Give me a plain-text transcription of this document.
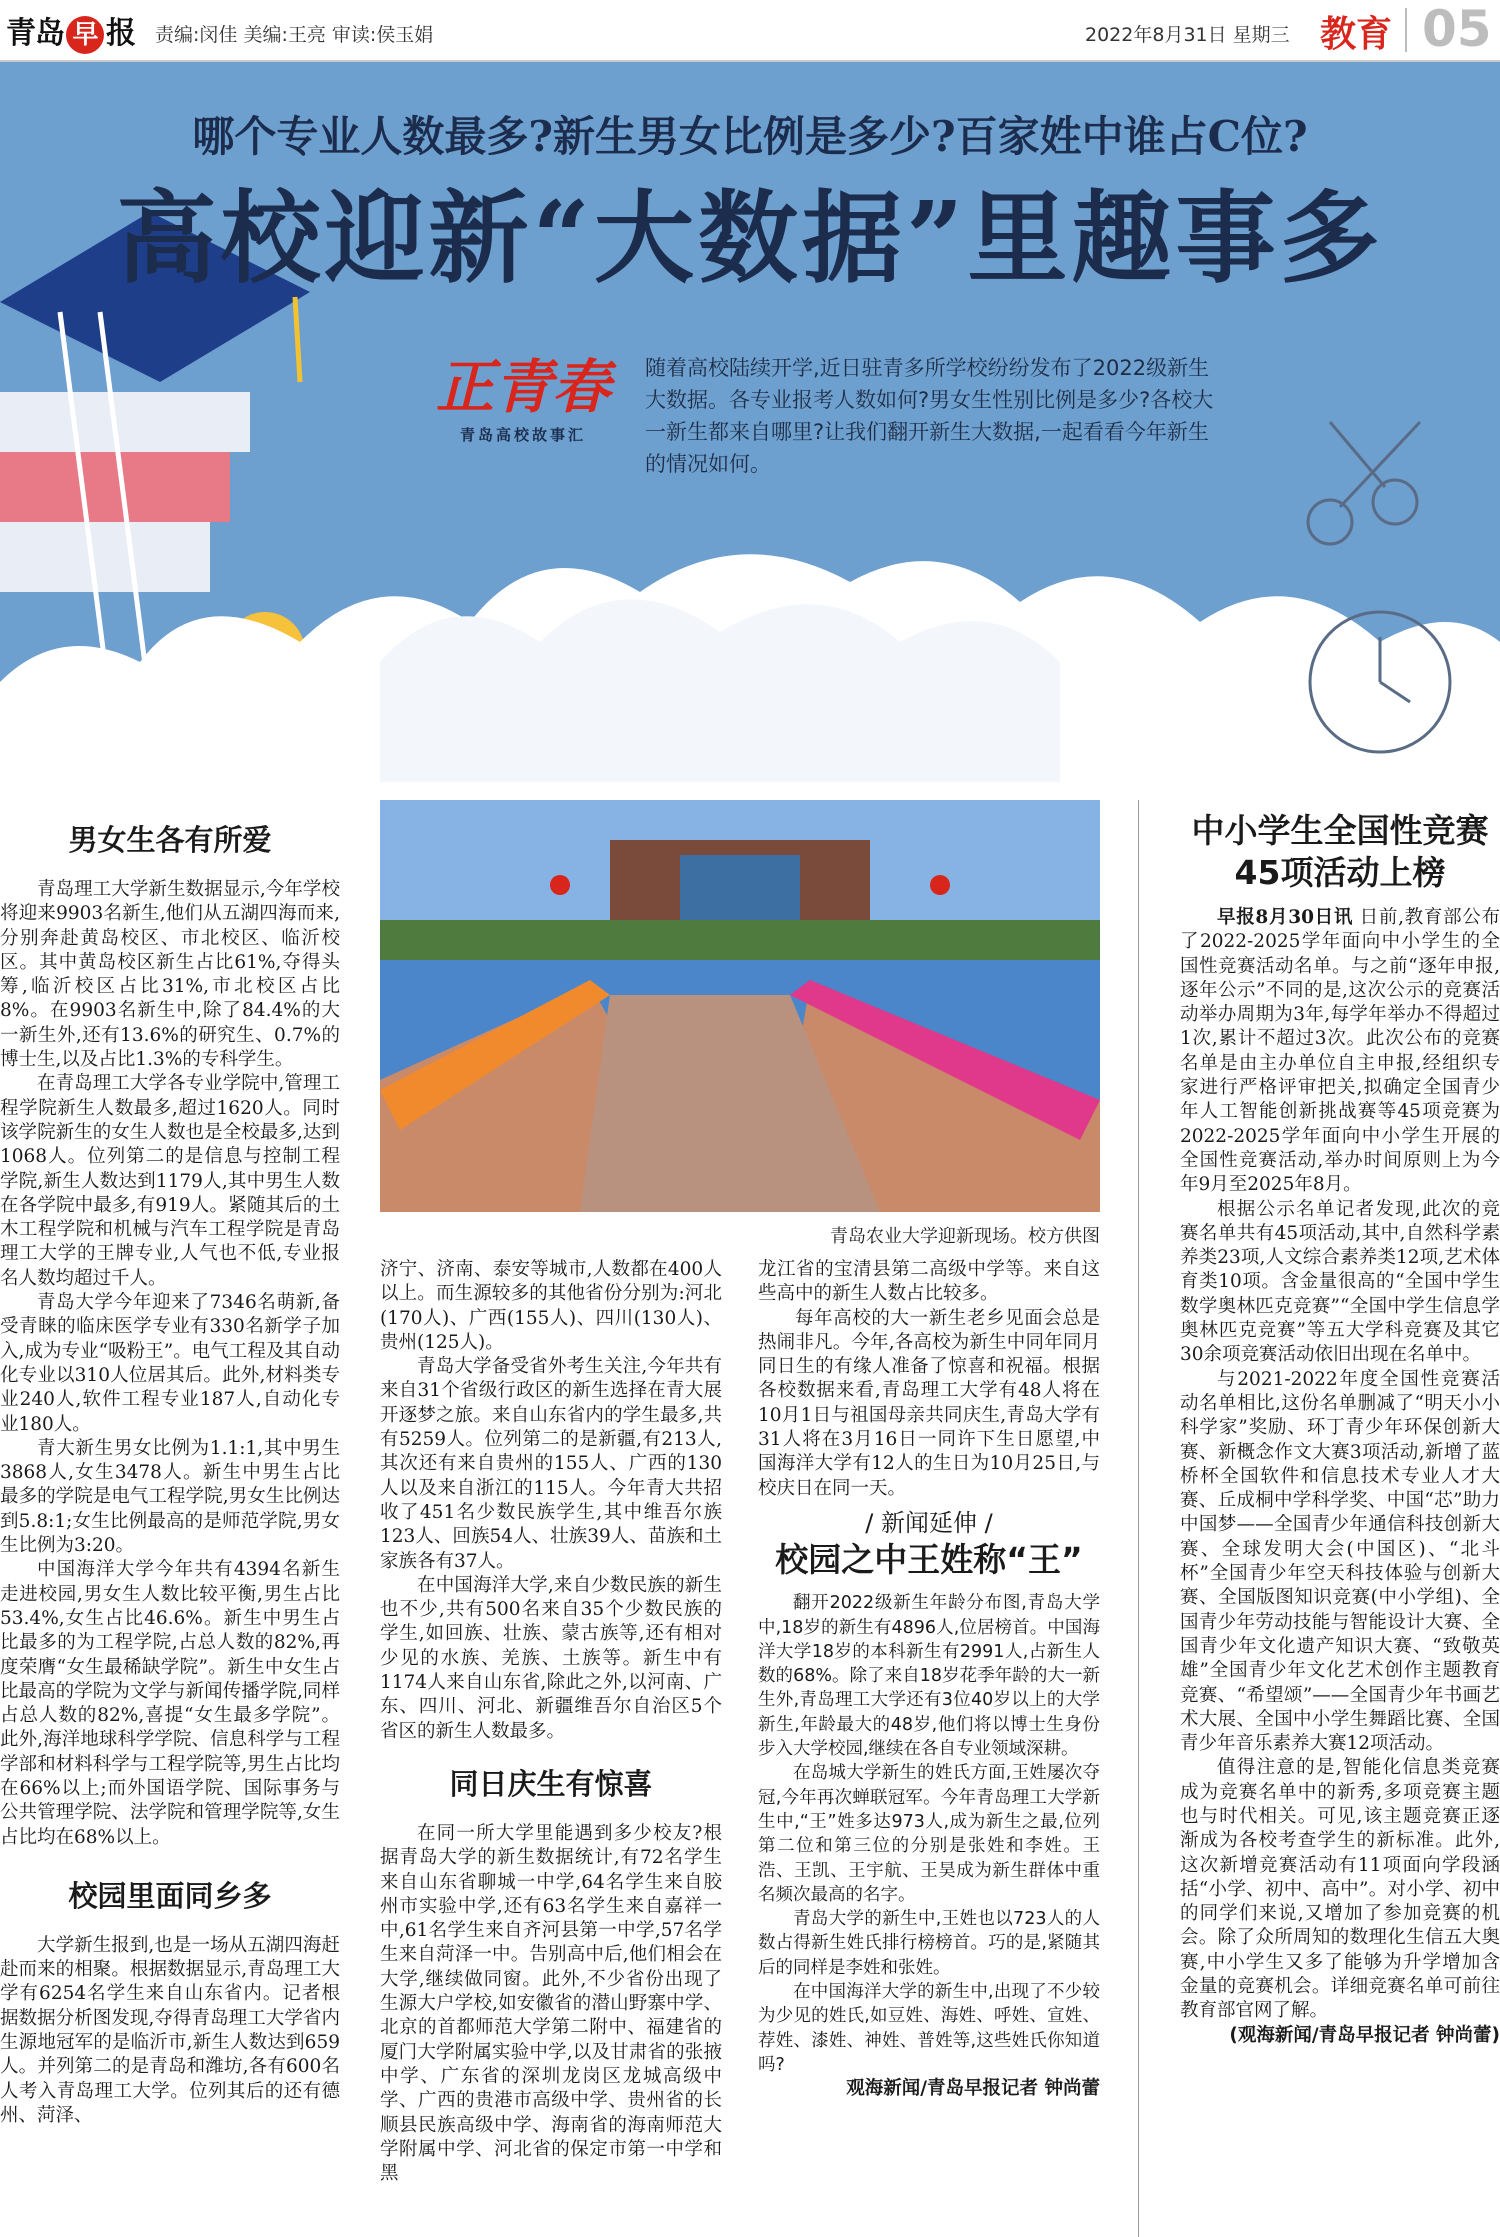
青岛 早 报 责编:闵佳 美编:王亮 审读:侯玉娟	2022年8月31日 星期三 教育 05
哪个专业人数最多?新生男女比例是多少?百家姓中谁占C位?
高校迎新“大数据”里趣事多
正青春
青岛高校故事汇
随着高校陆续开学,近日驻青多所学校纷纷发布了2022级新生大数据。各专业报考人数如何?男女生性别比例是多少?各校大一新生都来自哪里?让我们翻开新生大数据,一起看看今年新生的情况如何。
青岛农业大学迎新现场。校方供图
男女生各有所爱

青岛理工大学新生数据显示,今年学校将迎来9903名新生,他们从五湖四海而来,分别奔赴黄岛校区、市北校区、临沂校区。其中黄岛校区新生占比61%,夺得头筹,临沂校区占比31%,市北校区占比8%。在9903名新生中,除了84.4%的大一新生外,还有13.6%的研究生、0.7%的博士生,以及占比1.3%的专科学生。

在青岛理工大学各专业学院中,管理工程学院新生人数最多,超过1620人。同时该学院新生的女生人数也是全校最多,达到1068人。位列第二的是信息与控制工程学院,新生人数达到1179人,其中男生人数在各学院中最多,有919人。紧随其后的土木工程学院和机械与汽车工程学院是青岛理工大学的王牌专业,人气也不低,专业报名人数均超过千人。

青岛大学今年迎来了7346名萌新,备受青睐的临床医学专业有330名新学子加入,成为专业“吸粉王”。电气工程及其自动化专业以310人位居其后。此外,材料类专业240人,软件工程专业187人,自动化专业180人。

青大新生男女比例为1.1:1,其中男生3868人,女生3478人。新生中男生占比最多的学院是电气工程学院,男女生比例达到5.8:1;女生比例最高的是师范学院,男女生比例为3:20。

中国海洋大学今年共有4394名新生走进校园,男女生人数比较平衡,男生占比53.4%,女生占比46.6%。新生中男生占比最多的为工程学院,占总人数的82%,再度荣膺“女生最稀缺学院”。新生中女生占比最高的学院为文学与新闻传播学院,同样占总人数的82%,喜提“女生最多学院”。此外,海洋地球科学学院、信息科学与工程学部和材料科学与工程学院等,男生占比均在66%以上;而外国语学院、国际事务与公共管理学院、法学院和管理学院等,女生占比均在68%以上。

校园里面同乡多

大学新生报到,也是一场从五湖四海赶赴而来的相聚。根据数据显示,青岛理工大学有6254名学生来自山东省内。记者根据数据分析图发现,夺得青岛理工大学省内生源地冠军的是临沂市,新生人数达到659人。并列第二的是青岛和潍坊,各有600名人考入青岛理工大学。位列其后的还有德州、菏泽、

济宁、济南、泰安等城市,人数都在400人以上。而生源较多的其他省份分别为:河北(170人)、广西(155人)、四川(130人)、贵州(125人)。

青岛大学备受省外考生关注,今年共有来自31个省级行政区的新生选择在青大展开逐梦之旅。来自山东省内的学生最多,共有5259人。位列第二的是新疆,有213人,其次还有来自贵州的155人、广西的130人以及来自浙江的115人。今年青大共招收了451名少数民族学生,其中维吾尔族123人、回族54人、壮族39人、苗族和土家族各有37人。

在中国海洋大学,来自少数民族的新生也不少,共有500名来自35个少数民族的学生,如回族、壮族、蒙古族等,还有相对少见的水族、羌族、土族等。新生中有1174人来自山东省,除此之外,以河南、广东、四川、河北、新疆维吾尔自治区5个省区的新生人数最多。

同日庆生有惊喜

在同一所大学里能遇到多少校友?根据青岛大学的新生数据统计,有72名学生来自山东省聊城一中学,64名学生来自胶州市实验中学,还有63名学生来自嘉祥一中,61名学生来自齐河县第一中学,57名学生来自菏泽一中。告别高中后,他们相会在大学,继续做同窗。此外,不少省份出现了生源大户学校,如安徽省的潜山野寨中学、北京的首都师范大学第二附中、福建省的厦门大学附属实验中学,以及甘肃省的张掖中学、广东省的深圳龙岗区龙城高级中学、广西的贵港市高级中学、贵州省的长顺县民族高级中学、海南省的海南师范大学附属中学、河北省的保定市第一中学和黑

龙江省的宝清县第二高级中学等。来自这些高中的新生人数占比较多。

每年高校的大一新生老乡见面会总是热闹非凡。今年,各高校为新生中同年同月同日生的有缘人准备了惊喜和祝福。根据各校数据来看,青岛理工大学有48人将在10月1日与祖国母亲共同庆生,青岛大学有31人将在3月16日一同许下生日愿望,中国海洋大学有12人的生日为10月25日,与校庆日在同一天。

/ 新闻延伸 /
校园之中王姓称“王”

翻开2022级新生年龄分布图,青岛大学中,18岁的新生有4896人,位居榜首。中国海洋大学18岁的本科新生有2991人,占新生人数的68%。除了来自18岁花季年龄的大一新生外,青岛理工大学还有3位40岁以上的大学新生,年龄最大的48岁,他们将以博士生身份步入大学校园,继续在各自专业领域深耕。

在岛城大学新生的姓氏方面,王姓屡次夺冠,今年再次蝉联冠军。今年青岛理工大学新生中,“王”姓多达973人,成为新生之最,位列第二位和第三位的分别是张姓和李姓。王浩、王凯、王宇航、王昊成为新生群体中重名频次最高的名字。

青岛大学的新生中,王姓也以723人的人数占得新生姓氏排行榜榜首。巧的是,紧随其后的同样是李姓和张姓。

在中国海洋大学的新生中,出现了不少较为少见的姓氏,如豆姓、海姓、呼姓、宣姓、荐姓、漆姓、神姓、普姓等,这些姓氏你知道吗?

观海新闻/青岛早报记者 钟尚蕾
中小学生全国性竞赛45项活动上榜

早报8月30日讯 日前,教育部公布了2022-2025学年面向中小学生的全国性竞赛活动名单。与之前“逐年申报,逐年公示”不同的是,这次公示的竞赛活动举办周期为3年,每学年举办不得超过1次,累计不超过3次。此次公布的竞赛名单是由主办单位自主申报,经组织专家进行严格评审把关,拟确定全国青少年人工智能创新挑战赛等45项竞赛为2022-2025学年面向中小学生开展的全国性竞赛活动,举办时间原则上为今年9月至2025年8月。

根据公示名单记者发现,此次的竞赛名单共有45项活动,其中,自然科学素养类23项,人文综合素养类12项,艺术体育类10项。含金量很高的“全国中学生数学奥林匹克竞赛”“全国中学生信息学奥林匹克竞赛”等五大学科竞赛及其它30余项竞赛活动依旧出现在名单中。

与2021-2022年度全国性竞赛活动名单相比,这份名单删减了“明天小小科学家”奖励、环丁青少年环保创新大赛、新概念作文大赛3项活动,新增了蓝桥杯全国软件和信息技术专业人才大赛、丘成桐中学科学奖、中国“芯”助力中国梦——全国青少年通信科技创新大赛、全球发明大会(中国区)、“北斗杯”全国青少年空天科技体验与创新大赛、全国版图知识竞赛(中小学组)、全国青少年劳动技能与智能设计大赛、全国青少年文化遗产知识大赛、“致敬英雄”全国青少年文化艺术创作主题教育竞赛、“希望颂”——全国青少年书画艺术大展、全国中小学生舞蹈比赛、全国青少年音乐素养大赛12项活动。

值得注意的是,智能化信息类竞赛成为竞赛名单中的新秀,多项竞赛主题也与时代相关。可见,该主题竞赛正逐渐成为各校考查学生的新标准。此外,这次新增竞赛活动有11项面向学段涵括“小学、初中、高中”。对小学、初中的同学们来说,又增加了参加竞赛的机会。除了众所周知的数理化生信五大奥赛,中小学生又多了能够为升学增加含金量的竞赛机会。详细竞赛名单可前往教育部官网了解。

(观海新闻/青岛早报记者 钟尚蕾)
